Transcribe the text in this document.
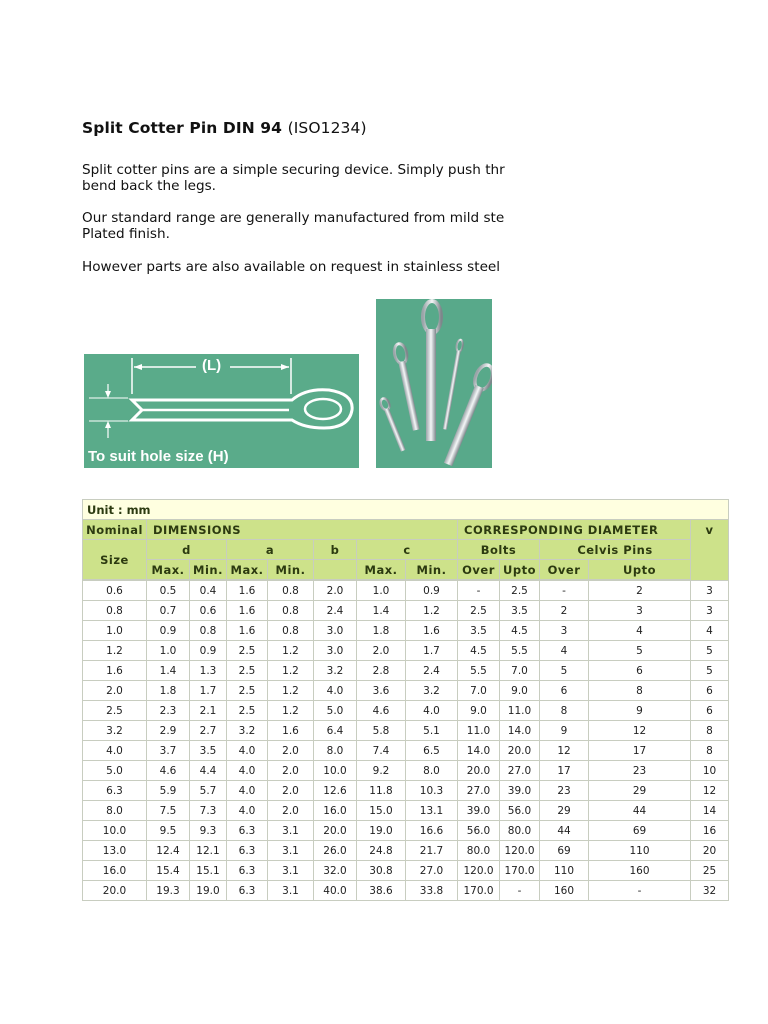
Split Cotter Pin DIN 94 (ISO1234)
Split cotter pins are a simple securing device. Simply push thr
bend back the legs.
Our standard range are generally manufactured from mild ste
Plated finish.
However parts are also available on request in stainless steel
(L)
To suit hole size (H)
Unit : mm												
Nominal	DIMENSIONS							CORRESPONDING DIAMETER				v
Size	d		a		b	c		Bolts		Celvis Pins		
	Max.	Min.	Max.	Min.		Max.	Min.	Over	Upto	Over	Upto	

0.6	0.5	0.4	1.6	0.8	2.0	1.0	0.9	-	2.5	-	2	3
0.8	0.7	0.6	1.6	0.8	2.4	1.4	1.2	2.5	3.5	2	3	3
1.0	0.9	0.8	1.6	0.8	3.0	1.8	1.6	3.5	4.5	3	4	4
1.2	1.0	0.9	2.5	1.2	3.0	2.0	1.7	4.5	5.5	4	5	5
1.6	1.4	1.3	2.5	1.2	3.2	2.8	2.4	5.5	7.0	5	6	5
2.0	1.8	1.7	2.5	1.2	4.0	3.6	3.2	7.0	9.0	6	8	6
2.5	2.3	2.1	2.5	1.2	5.0	4.6	4.0	9.0	11.0	8	9	6
3.2	2.9	2.7	3.2	1.6	6.4	5.8	5.1	11.0	14.0	9	12	8
4.0	3.7	3.5	4.0	2.0	8.0	7.4	6.5	14.0	20.0	12	17	8
5.0	4.6	4.4	4.0	2.0	10.0	9.2	8.0	20.0	27.0	17	23	10
6.3	5.9	5.7	4.0	2.0	12.6	11.8	10.3	27.0	39.0	23	29	12
8.0	7.5	7.3	4.0	2.0	16.0	15.0	13.1	39.0	56.0	29	44	14
10.0	9.5	9.3	6.3	3.1	20.0	19.0	16.6	56.0	80.0	44	69	16
13.0	12.4	12.1	6.3	3.1	26.0	24.8	21.7	80.0	120.0	69	110	20
16.0	15.4	15.1	6.3	3.1	32.0	30.8	27.0	120.0	170.0	110	160	25
20.0	19.3	19.0	6.3	3.1	40.0	38.6	33.8	170.0	-	160	-	32
